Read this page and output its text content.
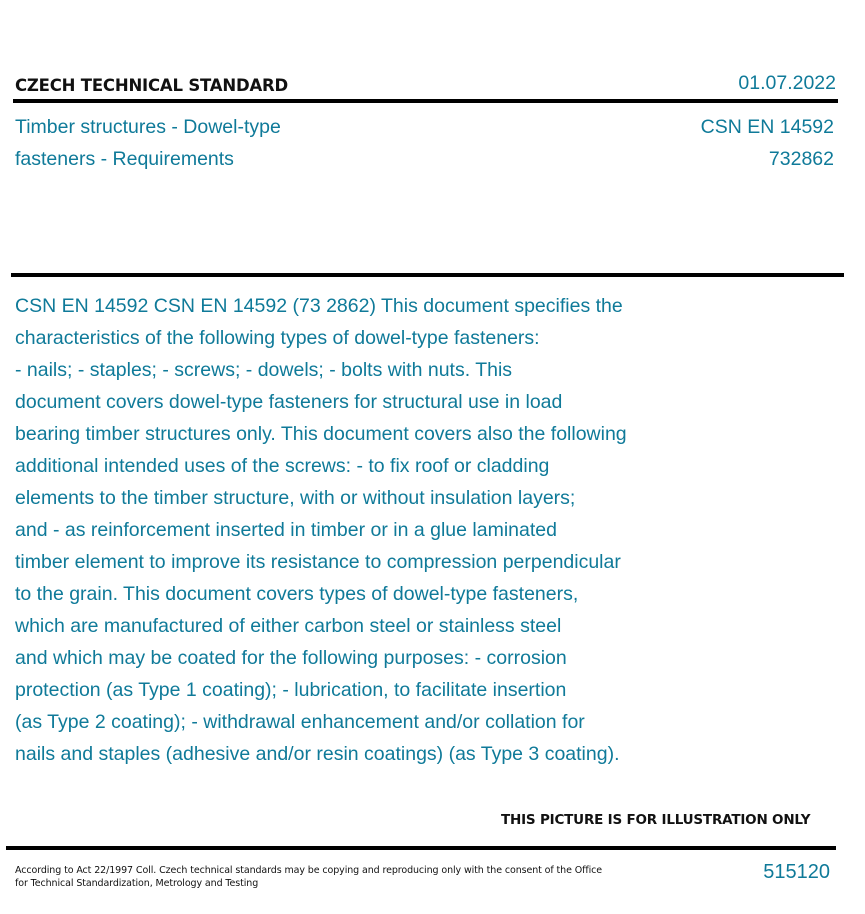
CZECH TECHNICAL STANDARD	01.07.2022
Timber structures - Dowel-type
fasteners - Requirements
CSN EN 14592
732862
CSN EN 14592 CSN EN 14592 (73 2862) This document specifies the
characteristics of the following types of dowel-type fasteners:
- nails; - staples; - screws; - dowels; - bolts with nuts. This
document covers dowel-type fasteners for structural use in load
bearing timber structures only. This document covers also the following
additional intended uses of the screws: - to fix roof or cladding
elements to the timber structure, with or without insulation layers;
and - as reinforcement inserted in timber or in a glue laminated
timber element to improve its resistance to compression perpendicular
to the grain. This document covers types of dowel-type fasteners,
which are manufactured of either carbon steel or stainless steel
and which may be coated for the following purposes: - corrosion
protection (as Type 1 coating); - lubrication, to facilitate insertion
(as Type 2 coating); - withdrawal enhancement and/or collation for
nails and staples (adhesive and/or resin coatings) (as Type 3 coating).
THIS PICTURE IS FOR ILLUSTRATION ONLY
According to Act 22/1997 Coll. Czech technical standards may be copying and reproducing only with the consent of the Office
for Technical Standardization, Metrology and Testing
515120
